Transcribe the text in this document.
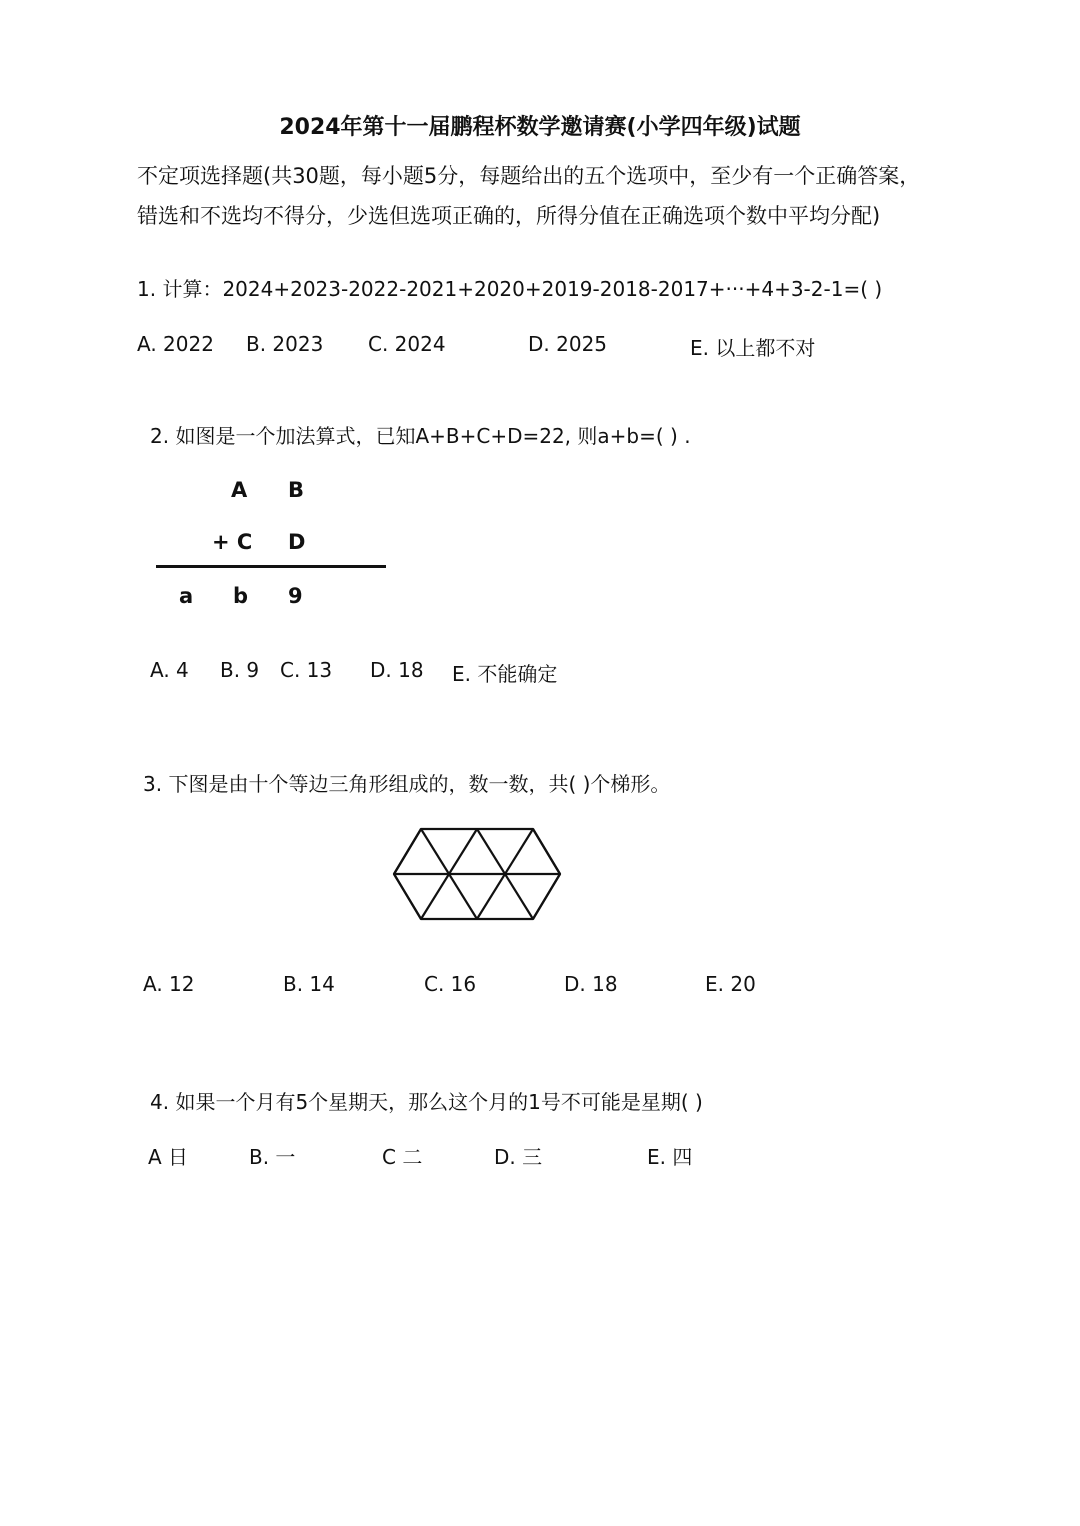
2024年第十一届鹏程杯数学邀请赛(小学四年级)试题
不定项选择题(共30题，每小题5分，每题给出的五个选项中，至少有一个正确答案，
错选和不选均不得分，少选但选项正确的，所得分值在正确选项个数中平均分配)
1. 计算：2024+2023-2022-2021+2020+2019-2018-2017+···+4+3-2-1=( )
A. 2022 B. 2023 C. 2024	D. 2025	E. 以上都不对
2. 如图是一个加法算式，已知A+B+C+D=22, 则a+b=( ) .
A B
+ C D
a b 9
A. 4 B. 9 C. 13 D. 18 E. 不能确定
3. 下图是由十个等边三角形组成的，数一数，共( )个梯形。
A. 12	B. 14	C. 16	D. 18	E. 20
4. 如果一个月有5个星期天，那么这个月的1号不可能是星期( )
A 日	B. 一	C 二	D. 三	E. 四
